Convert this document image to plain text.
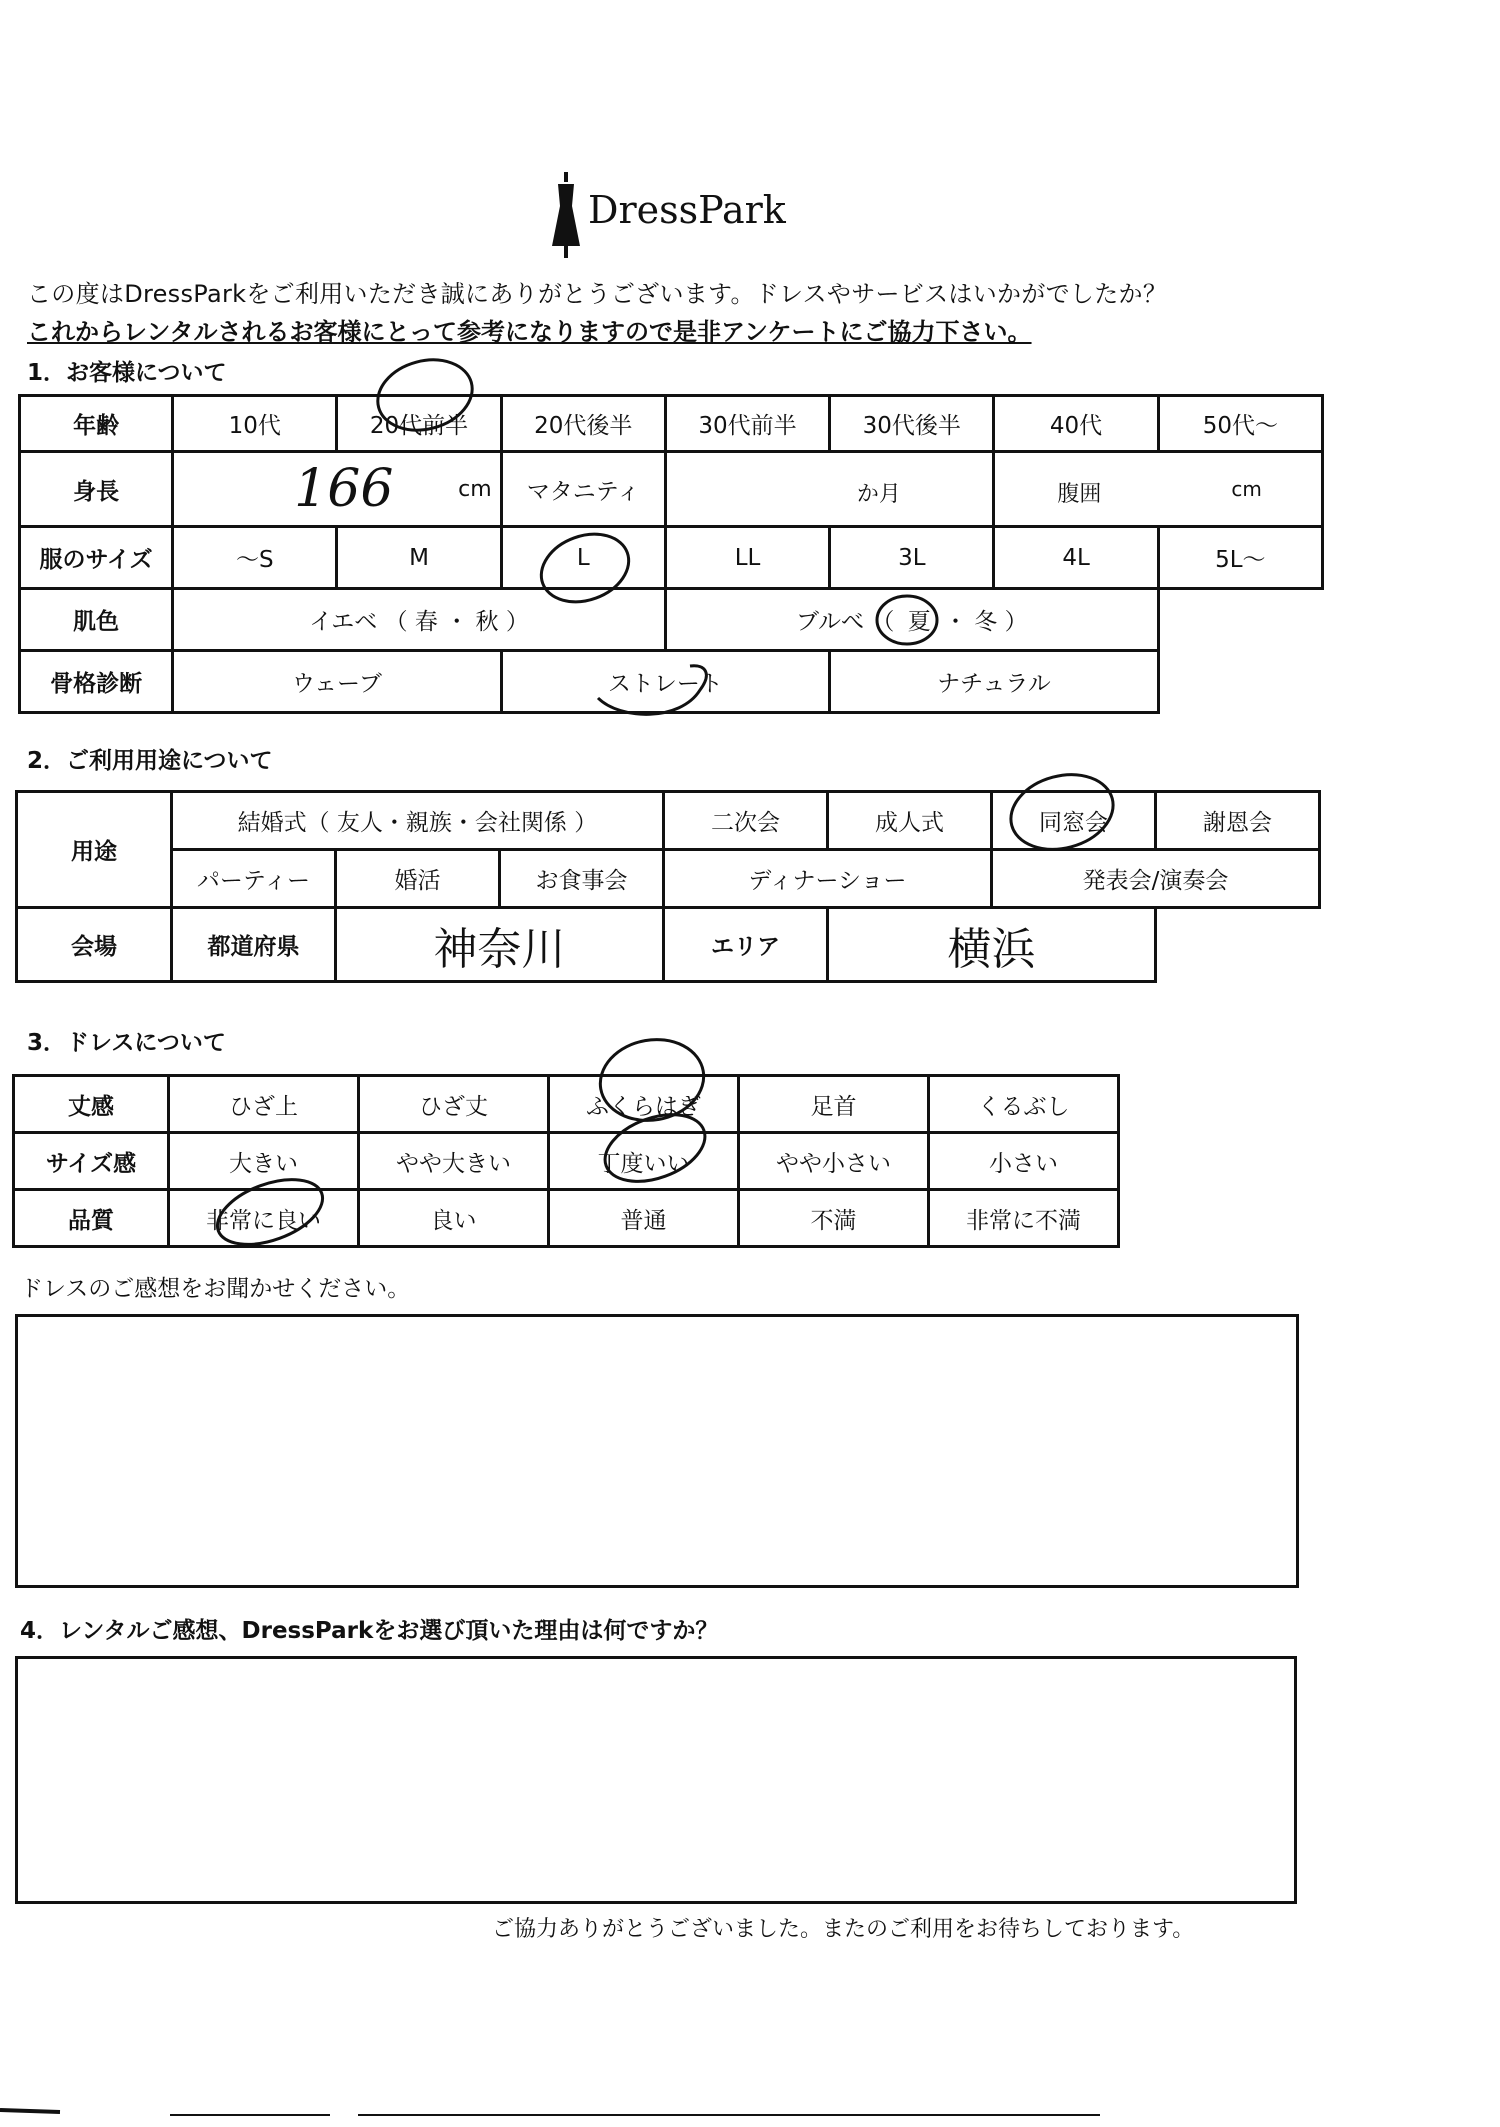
DressPark
この度はDressParkをご利用いただき誠にありがとうございます。ドレスやサービスはいかがでしたか？
これからレンタルされるお客様にとって参考になりますので是非アンケートにご協力下さい。
1．お客様について
年齢	10代	20代前半	20代後半	30代前半	30代後半	40代	50代～
身長	166 cm		マタニティ	か月		腹囲 cm	

服のサイズ	～S	M	L	LL	3L	4L	5L～
肌色	イエベ （ 春 ・ 秋 ）			ブルべ （ 夏 ・ 冬 ）			
骨格診断	ウェーブ		ストレート		ナチュラル		
2．ご利用用途について
用途	結婚式（ 友人・親族・会社関係 ）			二次会	成人式	同窓会	謝恩会
	パーティー	婚活	お食事会	ディナーショー		発表会/演奏会	
会場	都道府県	神奈川		エリア	横浜		
3．ドレスについて
丈感	ひざ上	ひざ丈	ふくらはぎ	足首	くるぶし
サイズ感	大きい	やや大きい	丁度いい	やや小さい	小さい
品質	非常に良い	良い	普通	不満	非常に不満
ドレスのご感想をお聞かせください。
4．レンタルご感想、DressParkをお選び頂いた理由は何ですか？
ご協力ありがとうございました。またのご利用をお待ちしております。
